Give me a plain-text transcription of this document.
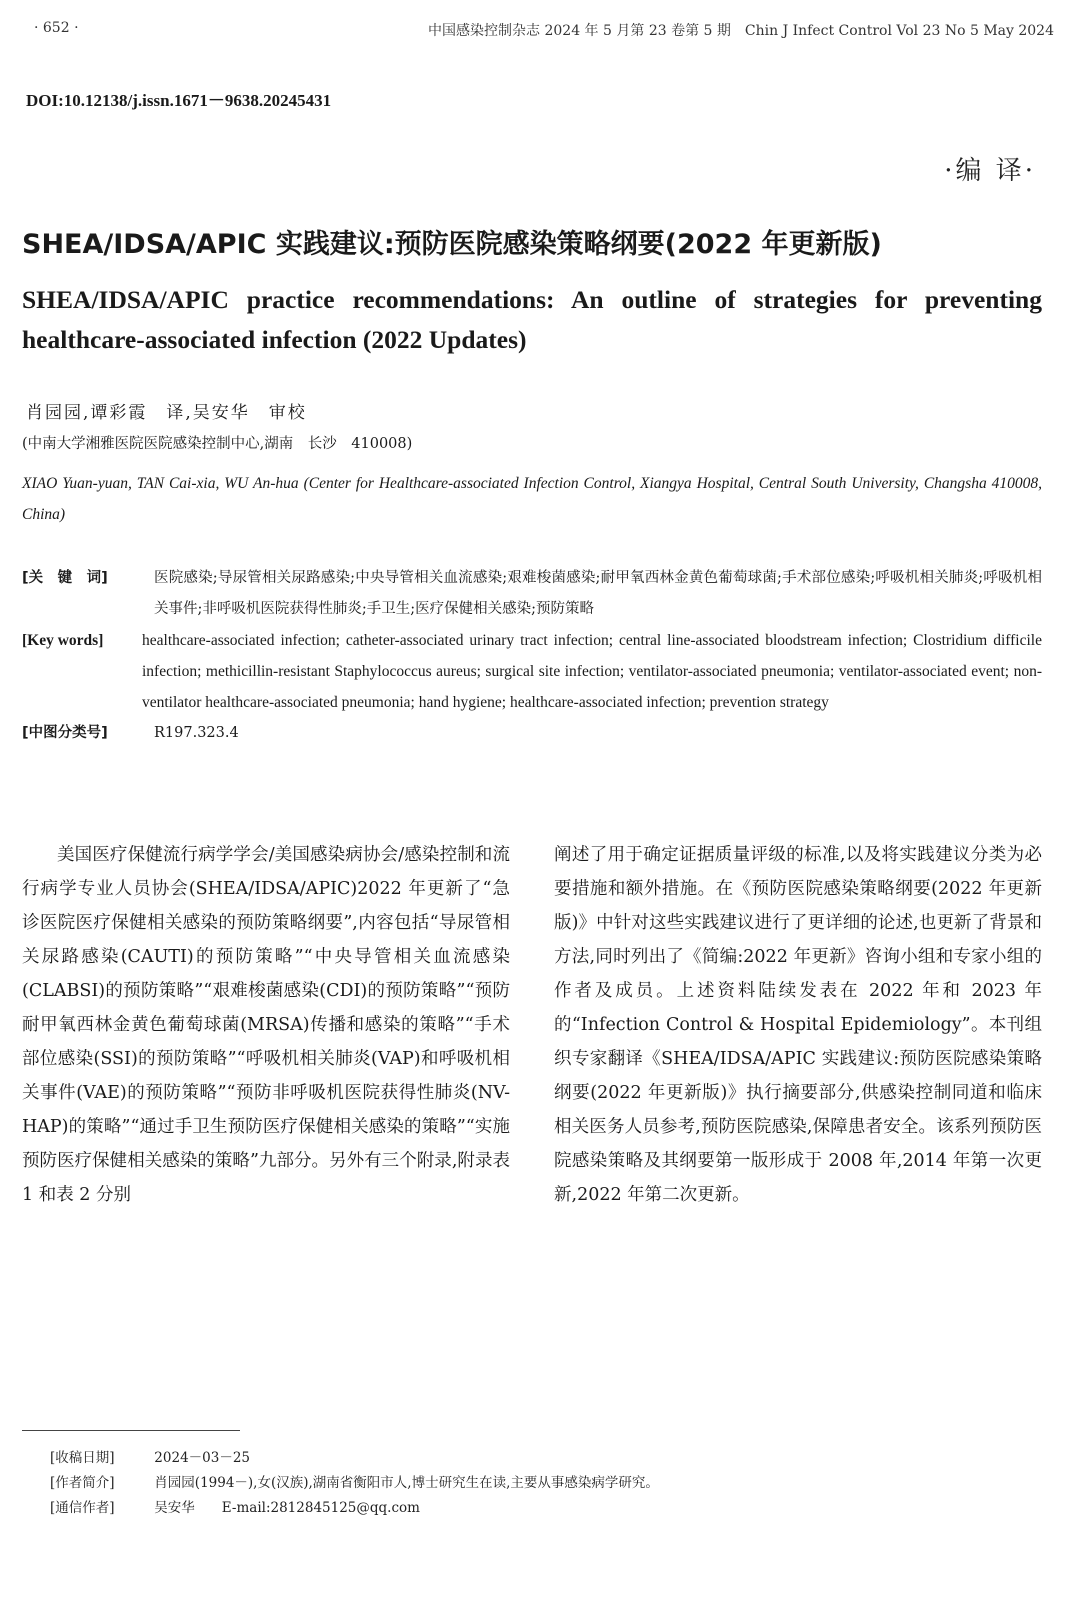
· 652 ·	中国感染控制杂志 2024 年 5 月第 23 卷第 5 期　Chin J Infect Control Vol 23 No 5 May 2024
DOI:10.12138/j.issn.1671－9638.20245431
·编 译·
SHEA/IDSA/APIC 实践建议:预防医院感染策略纲要(2022 年更新版)
SHEA/IDSA/APIC practice recommendations: An outline of strategies for preventing healthcare-associated infection (2022 Updates)
肖园园,谭彩霞　译,吴安华　审校
(中南大学湘雅医院医院感染控制中心,湖南　长沙　410008)
XIAO Yuan-yuan, TAN Cai-xia, WU An-hua (Center for Healthcare-associated Infection Control, Xiangya Hospital, Central South University, Changsha 410008, China)
[关　键　词]	医院感染;导尿管相关尿路感染;中央导管相关血流感染;艰难梭菌感染;耐甲氧西林金黄色葡萄球菌;手术部位感染;呼吸机相关肺炎;呼吸机相关事件;非呼吸机医院获得性肺炎;手卫生;医疗保健相关感染;预防策略
[Key words] healthcare-associated infection; catheter-associated urinary tract infection; central line-associated bloodstream infection; Clostridium difficile infection; methicillin-resistant Staphylococcus aureus; surgical site infection; ventilator-associated pneumonia; ventilator-associated event; non-ventilator healthcare-associated pneumonia; hand hygiene; healthcare-associated infection; prevention strategy
[中图分类号]	R197.323.4

美国医疗保健流行病学学会/美国感染病协会/感染控制和流行病学专业人员协会(SHEA/IDSA/APIC)2022 年更新了“急诊医院医疗保健相关感染的预防策略纲要”,内容包括“导尿管相关尿路感染(CAUTI)的预防策略”“中央导管相关血流感染(CLABSI)的预防策略”“艰难梭菌感染(CDI)的预防策略”“预防耐甲氧西林金黄色葡萄球菌(MRSA)传播和感染的策略”“手术部位感染(SSI)的预防策略”“呼吸机相关肺炎(VAP)和呼吸机相关事件(VAE)的预防策略”“预防非呼吸机医院获得性肺炎(NV-HAP)的策略”“通过手卫生预防医疗保健相关感染的策略”“实施预防医疗保健相关感染的策略”九部分。另外有三个附录,附录表 1 和表 2 分别

阐述了用于确定证据质量评级的标准,以及将实践建议分类为必要措施和额外措施。在《预防医院感染策略纲要(2022 年更新版)》中针对这些实践建议进行了更详细的论述,也更新了背景和方法,同时列出了《简编:2022 年更新》咨询小组和专家小组的作者及成员。上述资料陆续发表在 2022 年和 2023 年的“Infection Control & Hospital Epidemiology”。本刊组织专家翻译《SHEA/IDSA/APIC 实践建议:预防医院感染策略纲要(2022 年更新版)》执行摘要部分,供感染控制同道和临床相关医务人员参考,预防医院感染,保障患者安全。该系列预防医院感染策略及其纲要第一版形成于 2008 年,2014 年第一次更新,2022 年第二次更新。

[收稿日期]	2024－03－25
[作者简介]	肖园园(1994－),女(汉族),湖南省衡阳市人,博士研究生在读,主要从事感染病学研究。
[通信作者]	吴安华　　E-mail:2812845125@qq.com
